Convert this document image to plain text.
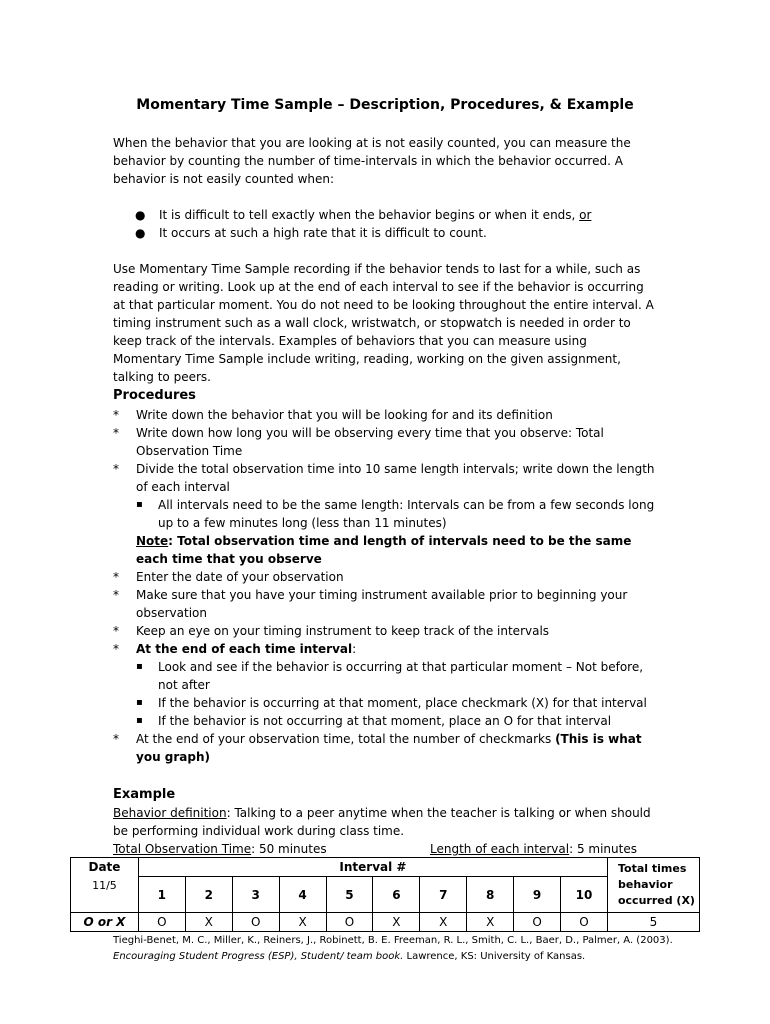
Momentary Time Sample – Description, Procedures, & Example

When the behavior that you are looking at is not easily counted, you can measure the behavior by counting the number of time-intervals in which the behavior occurred. A behavior is not easily counted when:

● It is difficult to tell exactly when the behavior begins or when it ends, or
● It occurs at such a high rate that it is difficult to count.

Use Momentary Time Sample recording if the behavior tends to last for a while, such as reading or writing. Look up at the end of each interval to see if the behavior is occurring at that particular moment. You do not need to be looking throughout the entire interval. A timing instrument such as a wall clock, wristwatch, or stopwatch is needed in order to keep track of the intervals. Examples of behaviors that you can measure using Momentary Time Sample include writing, reading, working on the given assignment, talking to peers.

Procedures
* Write down the behavior that you will be looking for and its definition
* Write down how long you will be observing every time that you observe: Total Observation Time
* Divide the total observation time into 10 same length intervals; write down the length of each interval
▪ All intervals need to be the same length: Intervals can be from a few seconds long up to a few minutes long (less than 11 minutes)
Note: Total observation time and length of intervals need to be the same each time that you observe
* Enter the date of your observation
* Make sure that you have your timing instrument available prior to beginning your observation
* Keep an eye on your timing instrument to keep track of the intervals
* At the end of each time interval:
▪ Look and see if the behavior is occurring at that particular moment – Not before, not after
▪ If the behavior is occurring at that moment, place checkmark (X) for that interval
▪ If the behavior is not occurring at that moment, place an O for that interval
* At the end of your observation time, total the number of checkmarks (This is what you graph)
Example
Behavior definition: Talking to a peer anytime when the teacher is talking or when should be performing individual work during class time.
Total Observation Time: 50 minutes	Length of each interval: 5 minutes
Date	Interval #										Total times behavior occurred (X)
11/5	1	2	3	4	5	6	7	8	9	10	
O or X	O	X	O	X	O	X	X	X	O	O	5
Tieghi-Benet, M. C., Miller, K., Reiners, J., Robinett, B. E. Freeman, R. L., Smith, C. L., Baer, D., Palmer, A. (2003).
Encouraging Student Progress (ESP), Student/ team book. Lawrence, KS: University of Kansas.
